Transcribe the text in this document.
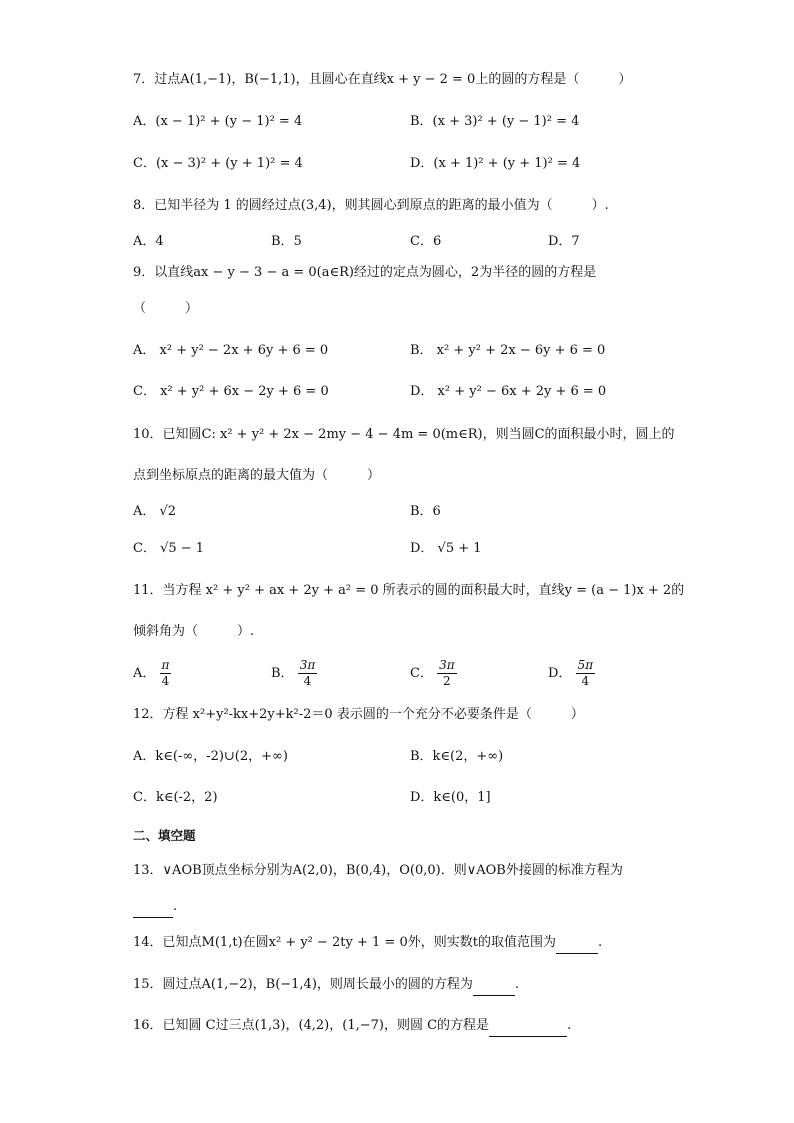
7．过点A(1,−1)，B(−1,1)，且圆心在直线x + y − 2 = 0上的圆的方程是（　　　）
A．(x − 1)² + (y − 1)² = 4	B．(x + 3)² + (y − 1)² = 4
C．(x − 3)² + (y + 1)² = 4	D．(x + 1)² + (y + 1)² = 4
8．已知半径为 1 的圆经过点(3,4)，则其圆心到原点的距离的最小值为（　　　）.
A．4	B．5	C．6	D．7
9．以直线ax − y − 3 − a = 0(a∈R)经过的定点为圆心，2为半径的圆的方程是
（　　　）
A． x² + y² − 2x + 6y + 6 = 0	B． x² + y² + 2x − 6y + 6 = 0
C． x² + y² + 6x − 2y + 6 = 0	D． x² + y² − 6x + 2y + 6 = 0
10．已知圆C: x² + y² + 2x − 2my − 4 − 4m = 0(m∈R)，则当圆C的面积最小时，圆上的
点到坐标原点的距离的最大值为（　　　）
A． √2	B．6
C． √5 − 1	D． √5 + 1
11．当方程 x² + y² + ax + 2y + a² = 0 所表示的圆的面积最大时，直线y = (a − 1)x + 2的
倾斜角为（　　　）.
A． $\frac{\pi}{4}$	B． $\frac{3\pi}{4}$	C． $\frac{3\pi}{2}$	D． $\frac{5\pi}{4}$
12．方程 x²+y²-kx+2y+k²-2＝0 表示圆的一个充分不必要条件是（　　　）
A．k∈(-∞，-2)∪(2，+∞)	B．k∈(2，+∞)
C．k∈(-2，2)	D．k∈(0，1]
二、填空题
13．∨AOB顶点坐标分别为A(2,0)，B(0,4)，O(0,0)．则∨AOB外接圆的标准方程为
.
14．已知点M(1,t)在圆x² + y² − 2ty + 1 = 0外，则实数t的取值范围为	.
15．圆过点A(1,−2)，B(−1,4)，则周长最小的圆的方程为	.
16．已知圆 C过三点(1,3)，(4,2)，(1,−7)，则圆 C的方程是	.
